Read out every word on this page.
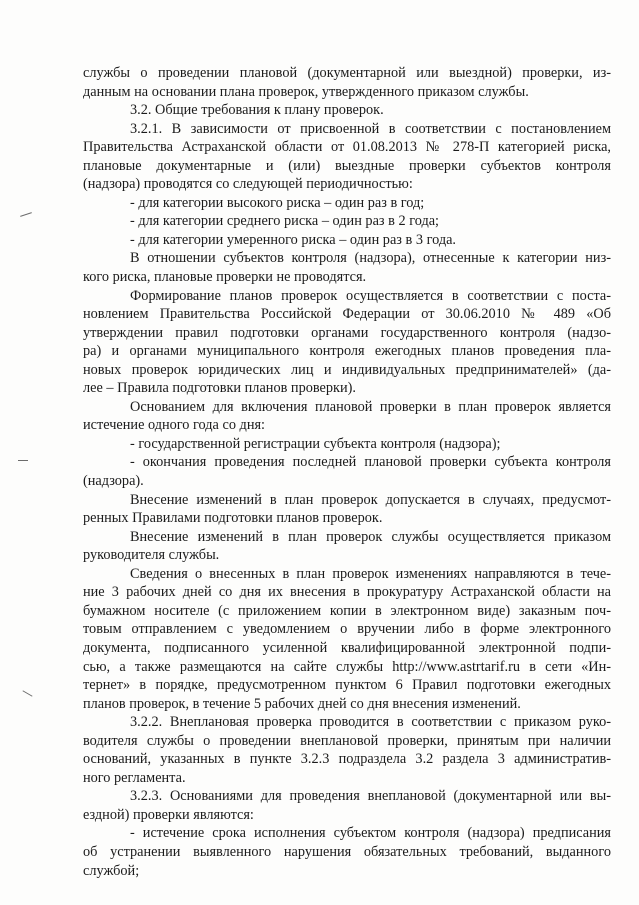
службы о проведении плановой (документарной или выездной) проверки, из-
данным на основании плана проверок, утвержденного приказом службы.
3.2. Общие требования к плану проверок.
3.2.1. В зависимости от присвоенной в соответствии с постановлением
Правительства Астраханской области от 01.08.2013 № 278-П категорией риска,
плановые документарные и (или) выездные проверки субъектов контроля
(надзора) проводятся со следующей периодичностью:
- для категории высокого риска – один раз в год;
- для категории среднего риска – один раз в 2 года;
- для категории умеренного риска – один раз в 3 года.
В отношении субъектов контроля (надзора), отнесенные к категории низ-
кого риска, плановые проверки не проводятся.
Формирование планов проверок осуществляется в соответствии с поста-
новлением Правительства Российской Федерации от 30.06.2010 № 489 «Об
утверждении правил подготовки органами государственного контроля (надзо-
ра) и органами муниципального контроля ежегодных планов проведения пла-
новых проверок юридических лиц и индивидуальных предпринимателей» (да-
лее – Правила подготовки планов проверки).
Основанием для включения плановой проверки в план проверок является
истечение одного года со дня:
- государственной регистрации субъекта контроля (надзора);
- окончания проведения последней плановой проверки субъекта контроля
(надзора).
Внесение изменений в план проверок допускается в случаях, предусмот-
ренных Правилами подготовки планов проверок.
Внесение изменений в план проверок службы осуществляется приказом
руководителя службы.
Сведения о внесенных в план проверок изменениях направляются в тече-
ние 3 рабочих дней со дня их внесения в прокуратуру Астраханской области на
бумажном носителе (с приложением копии в электронном виде) заказным поч-
товым отправлением с уведомлением о вручении либо в форме электронного
документа, подписанного усиленной квалифицированной электронной подпи-
сью, а также размещаются на сайте службы http://www.astrtarif.ru в сети «Ин-
тернет» в порядке, предусмотренном пунктом 6 Правил подготовки ежегодных
планов проверок, в течение 5 рабочих дней со дня внесения изменений.
3.2.2. Внеплановая проверка проводится в соответствии с приказом руко-
водителя службы о проведении внеплановой проверки, принятым при наличии
оснований, указанных в пункте 3.2.3 подраздела 3.2 раздела 3 административ-
ного регламента.
3.2.3. Основаниями для проведения внеплановой (документарной или вы-
ездной) проверки являются:
- истечение срока исполнения субъектом контроля (надзора) предписания
об устранении выявленного нарушения обязательных требований, выданного
службой;
